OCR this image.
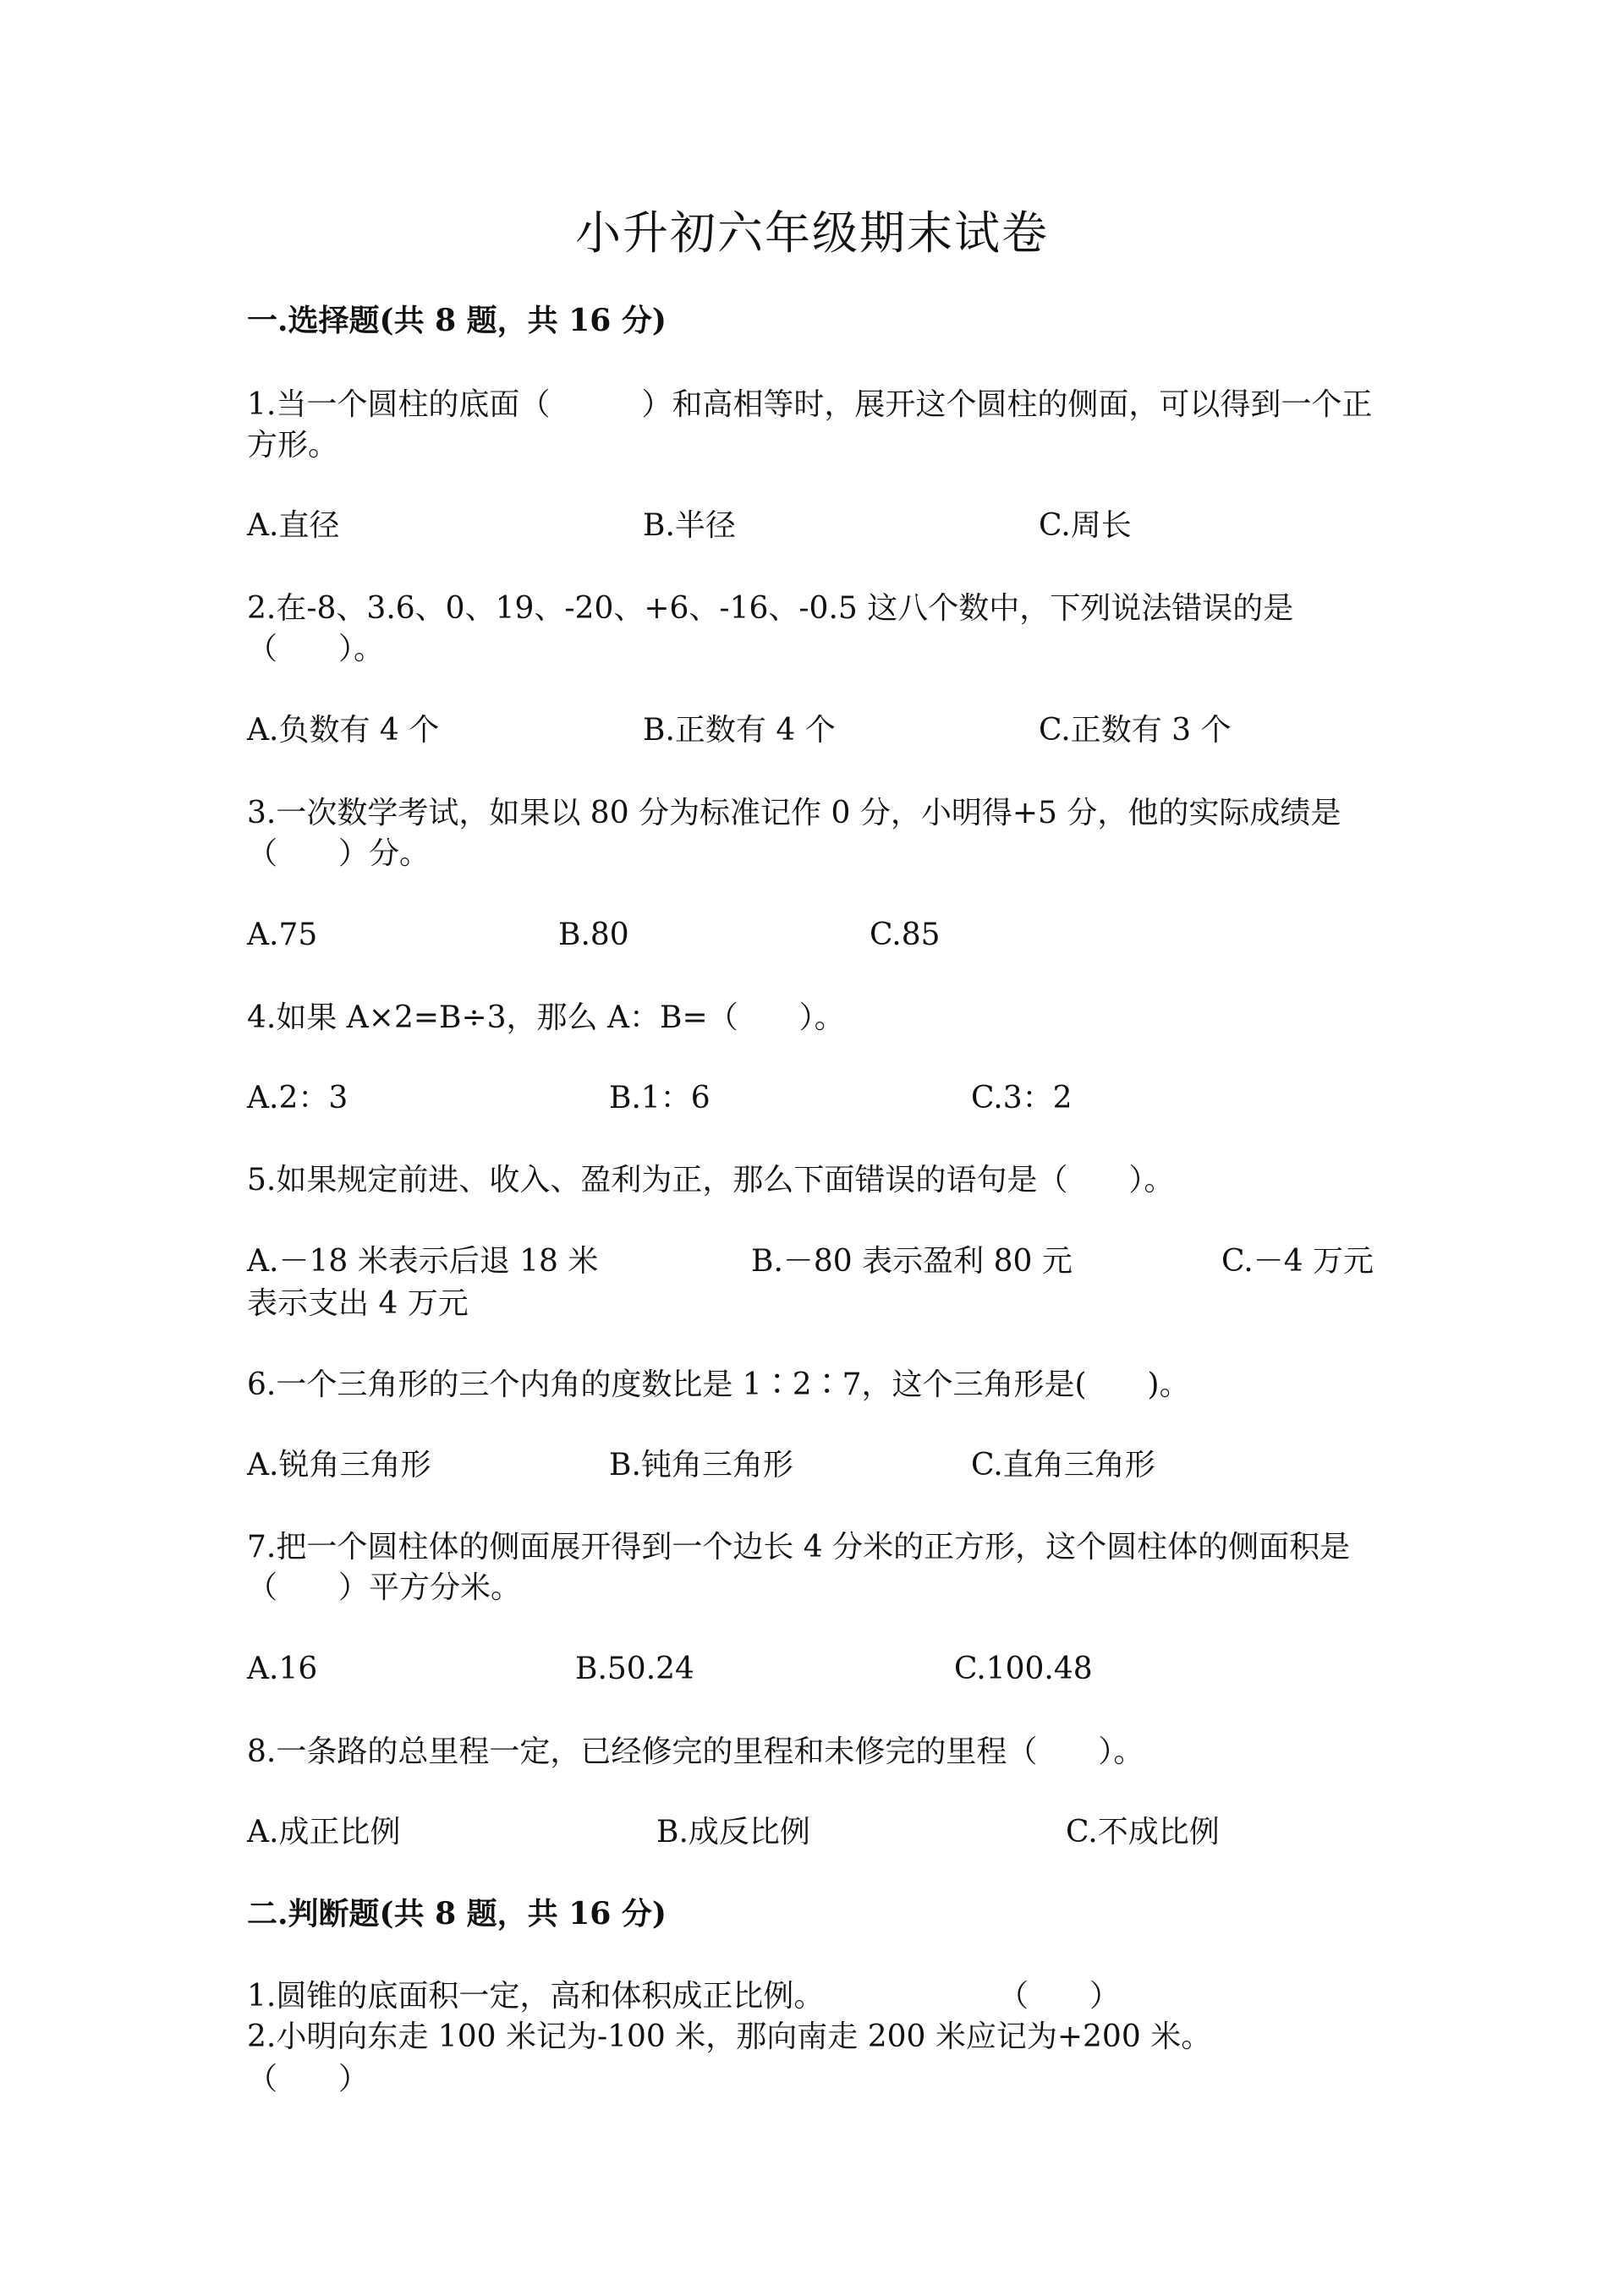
小升初六年级期末试卷
一.选择题(共 8 题，共 16 分)
1.当一个圆柱的底面（　　　）和高相等时，展开这个圆柱的侧面，可以得到一个正方形。
A.直径	B.半径	C.周长
2.在-8、3.6、0、19、-20、+6、-16、-0.5 这八个数中，下列说法错误的是（　　）。
A.负数有 4 个	B.正数有 4 个	C.正数有 3 个
3.一次数学考试，如果以 80 分为标准记作 0 分，小明得+5 分，他的实际成绩是（　　）分。
A.75	B.80	C.85
4.如果 A×2=B÷3，那么 A：B=（　　）。
A.2：3	B.1：6	C.3：2
5.如果规定前进、收入、盈利为正，那么下面错误的语句是（　　）。
A.－18 米表示后退 18 米	B.－80 表示盈利 80 元	C.－4 万元
表示支出 4 万元
6.一个三角形的三个内角的度数比是 1∶2∶7，这个三角形是(　　)。
A.锐角三角形	B.钝角三角形	C.直角三角形
7.把一个圆柱体的侧面展开得到一个边长 4 分米的正方形，这个圆柱体的侧面积是（　　）平方分米。
A.16	B.50.24	C.100.48
8.一条路的总里程一定，已经修完的里程和未修完的里程（　　）。
A.成正比例	B.成反比例	C.不成比例
二.判断题(共 8 题，共 16 分)
1.圆锥的底面积一定，高和体积成正比例。	（　　）
2.小明向东走 100 米记为-100 米，那向南走 200 米应记为+200 米。
（　　）
